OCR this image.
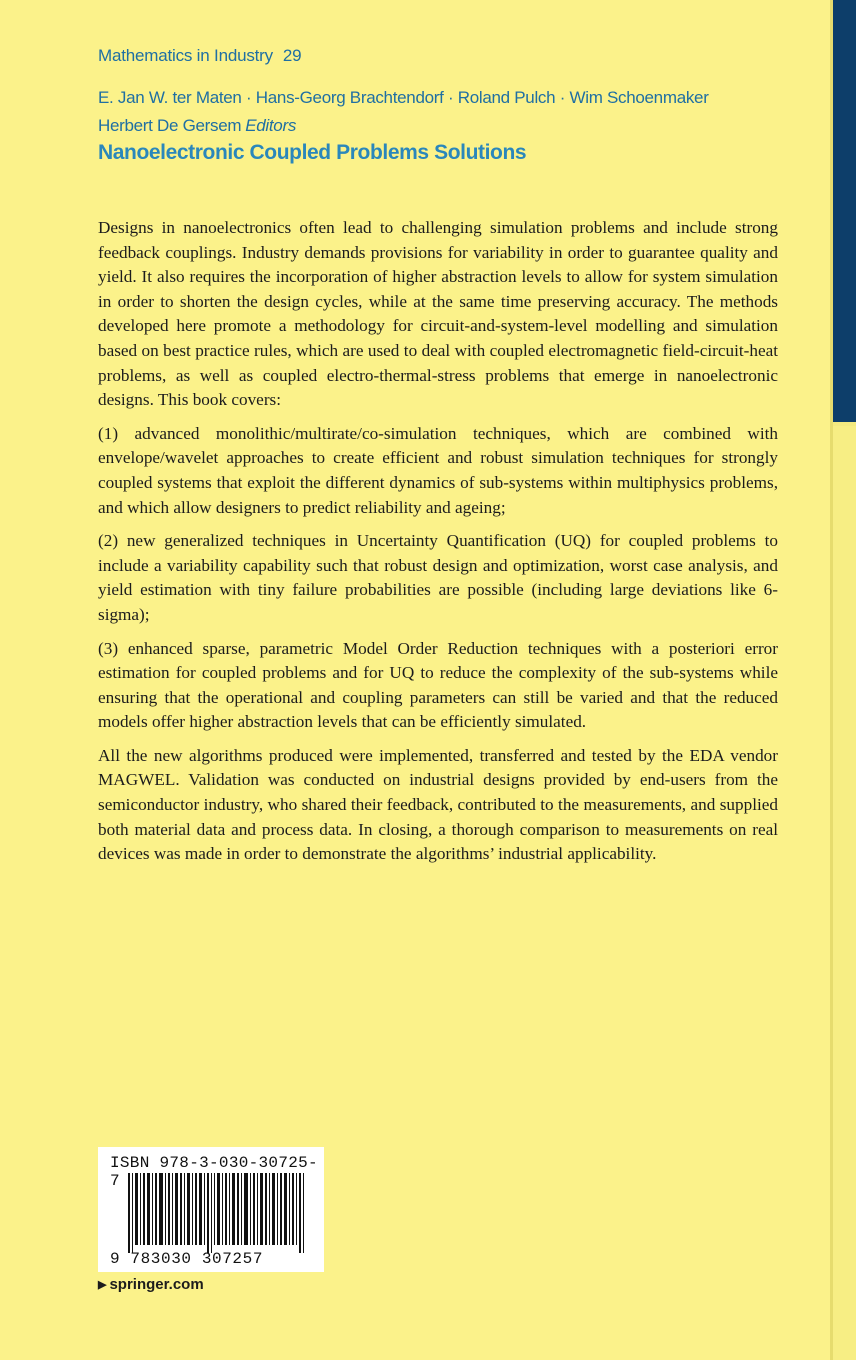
Mathematics in Industry 29
E. Jan W. ter Maten · Hans-Georg Brachtendorf · Roland Pulch · Wim Schoenmaker
Herbert De Gersem Editors
Nanoelectronic Coupled Problems Solutions

Designs in nanoelectronics often lead to challenging simulation problems and include strong feedback couplings. Industry demands provisions for variability in order to guarantee quality and yield. It also requires the incorporation of higher abstraction levels to allow for system simulation in order to shorten the design cycles, while at the same time preserving accuracy. The methods developed here promote a methodology for circuit-and-system-level modelling and simulation based on best practice rules, which are used to deal with coupled electromagnetic field-circuit-heat problems, as well as coupled electro-thermal-stress problems that emerge in nanoelectronic designs. This book covers:

(1) advanced monolithic/multirate/co-simulation techniques, which are combined with envelope/wavelet approaches to create efficient and robust simulation techniques for strongly coupled systems that exploit the different dynamics of sub-systems within multiphysics problems, and which allow designers to predict reliability and ageing;

(2) new generalized techniques in Uncertainty Quantification (UQ) for coupled problems to include a variability capability such that robust design and optimization, worst case analysis, and yield estimation with tiny failure probabilities are possible (including large deviations like 6-sigma);

(3) enhanced sparse, parametric Model Order Reduction techniques with a posteriori error estimation for coupled problems and for UQ to reduce the complexity of the sub-systems while ensuring that the operational and coupling parameters can still be varied and that the reduced models offer higher abstraction levels that can be efficiently simulated.

All the new algorithms produced were implemented, transferred and tested by the EDA vendor MAGWEL. Validation was conducted on industrial designs provided by end-users from the semiconductor industry, who shared their feedback, contributed to the measurements, and supplied both material data and process data. In closing, a thorough comparison to measurements on real devices was made in order to demonstrate the algorithms’ industrial applicability.

ISBN 978-3-030-30725-7
9 783030 307257
▶ springer.com
